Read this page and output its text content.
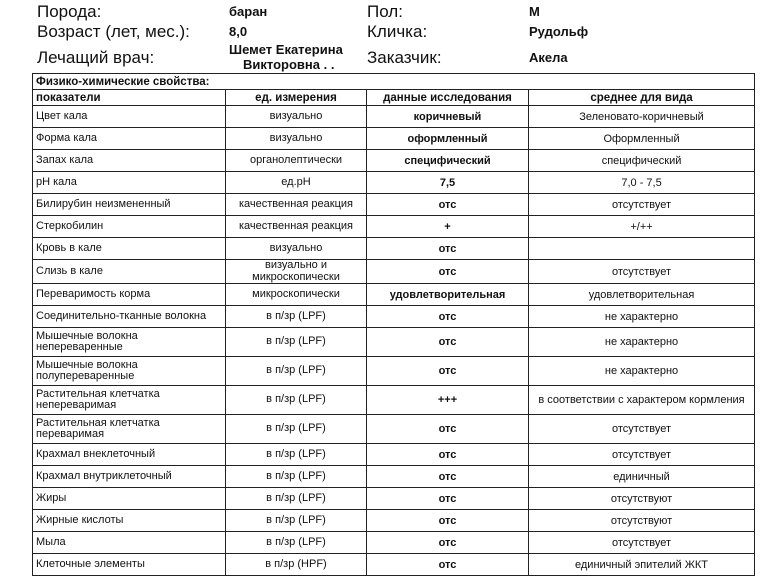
Порода:	баран
Возраст (лет, мес.):	8,0
Лечащий врач:	Шемет Екатерина
Викторовна . .
Пол:	М
Кличка:	Рудольф
Заказчик:	Акела
Физико-химические свойства:			
показатели	ед. измерения	данные исследования	среднее для вида
Цвет кала	визуально	коричневый	Зеленовато-коричневый
Форма кала	визуально	оформленный	Оформленный
Запах кала	органолептически	специфический	специфический
рН кала	ед.рН	7,5	7,0 - 7,5
Билирубин неизмененный	качественная реакция	отс	отсутствует
Стеркобилин	качественная реакция	+	+/++
Кровь в кале	визуально	отс	
Слизь в кале	визуально и микроскопически	отс	отсутствует
Переваримость корма	микроскопически	удовлетворительная	удовлетворительная
Соединительно-тканные волокна	в п/зр (LPF)	отс	не характерно
Мышечные волокна непереваренные	в п/зр (LPF)	отс	не характерно
Мышечные волокна полупереваренные	в п/зр (LPF)	отс	не характерно
Растительная клетчатка непереваримая	в п/зр (LPF)	+++	в соответствии с характером кормления
Растительная клетчатка переваримая	в п/зр (LPF)	отс	отсутствует
Крахмал внеклеточный	в п/зр (LPF)	отс	отсутствует
Крахмал внутриклеточный	в п/зр (LPF)	отс	единичный
Жиры	в п/зр (LPF)	отс	отсутствуют
Жирные кислоты	в п/зр (LPF)	отс	отсутствуют
Мыла	в п/зр (LPF)	отс	отсутствует
Клеточные элементы	в п/зр (HPF)	отс	единичный эпителий ЖКТ
